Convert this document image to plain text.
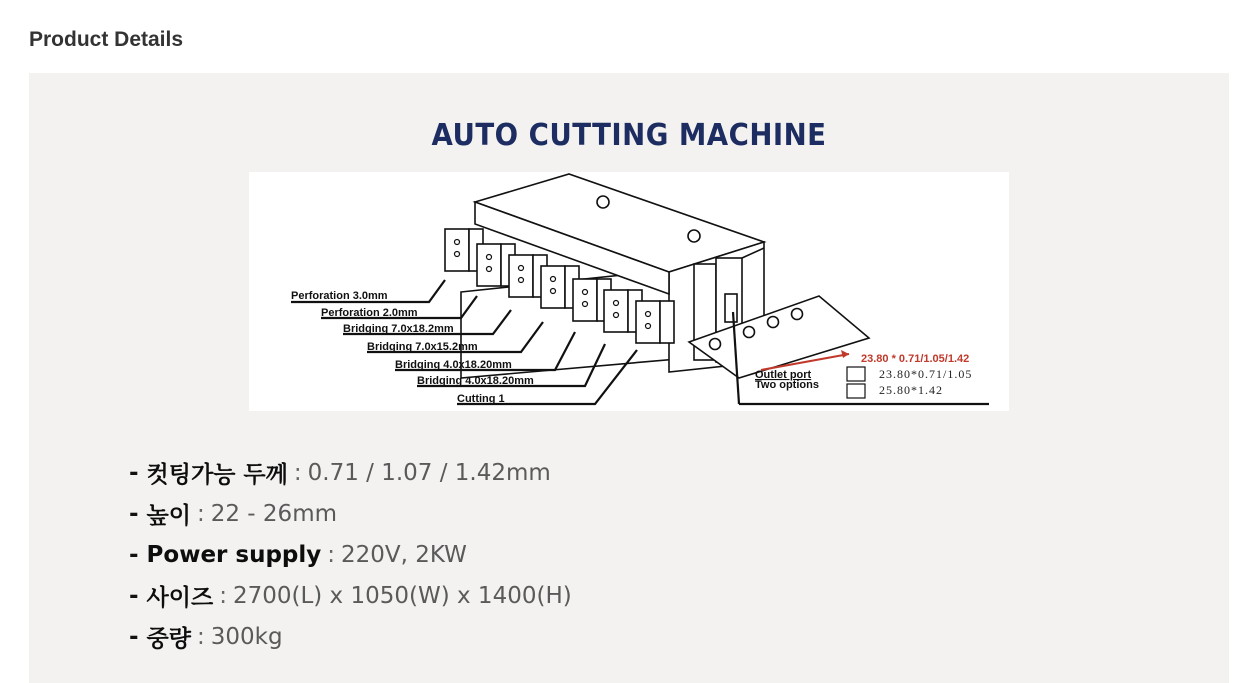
Product Details
AUTO CUTTING MACHINE
Perforation 3.0mm
Perforation 2.0mm
Bridging 7.0x18.2mm
Bridging 7.0x15.2mm
Bridging 4.0x18.20mm
Bridging 4.0x18.20mm
Cutting 1
23.80 * 0.71/1.05/1.42
Outlet port
Two options
23.80*0.71/1.05
25.80*1.42
- 컷팅가능 두께 : 0.71 / 1.07 / 1.42mm
- 높이 : 22 - 26mm
- Power supply : 220V, 2KW
- 사이즈 : 2700(L) x 1050(W) x 1400(H)
- 중량 : 300kg
